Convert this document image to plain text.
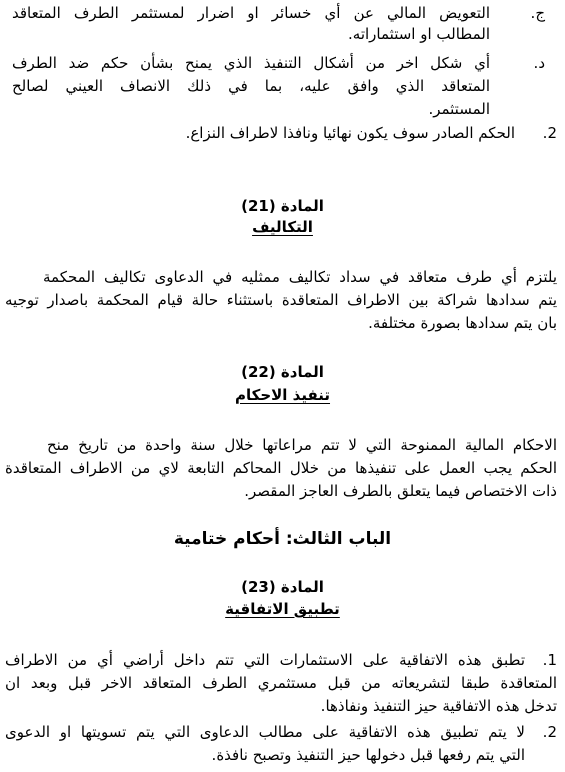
ج.
التعويض المالي عن أي خسائر او اضرار لمستثمر الطرف المتعاقد
المطالب او استثماراته.
د.
أي شكل اخر من أشكال التنفيذ الذي يمنح بشأن حكم ضد الطرف
المتعاقد الذي وافق عليه، بما في ذلك الانصاف العيني لصالح
المستثمر.
2.
الحكم الصادر سوف يكون نهائيا ونافذا لاطراف النزاع.
المادة (21)
التكاليف
يلتزم أي طرف متعاقد في سداد تكاليف ممثليه في الدعاوى تكاليف المحكمة
يتم سدادها شراكة بين الاطراف المتعاقدة باستثناء حالة قيام المحكمة باصدار توجيه
بان يتم سدادها بصورة مختلفة.
المادة (22)
تنفيذ الاحكام
الاحكام المالية الممنوحة التي لا تتم مراعاتها خلال سنة واحدة من تاريخ منح
الحكم يجب العمل على تنفيذها من خلال المحاكم التابعة لاي من الاطراف المتعاقدة
ذات الاختصاص فيما يتعلق بالطرف العاجز المقصر.
الباب الثالث: أحكام ختامية
المادة (23)
تطبيق الاتفاقية
1.
تطبق هذه الاتفاقية على الاستثمارات التي تتم داخل أراضي أي من الاطراف
المتعاقدة طبقا لتشريعاته من قبل مستثمري الطرف المتعاقد الاخر قبل وبعد ان
تدخل هذه الاتفاقية حيز التنفيذ ونفاذها.
2.
لا يتم تطبيق هذه الاتفاقية على مطالب الدعاوى التي يتم تسويتها او الدعوى
التي يتم رفعها قبل دخولها حيز التنفيذ وتصبح نافذة.
